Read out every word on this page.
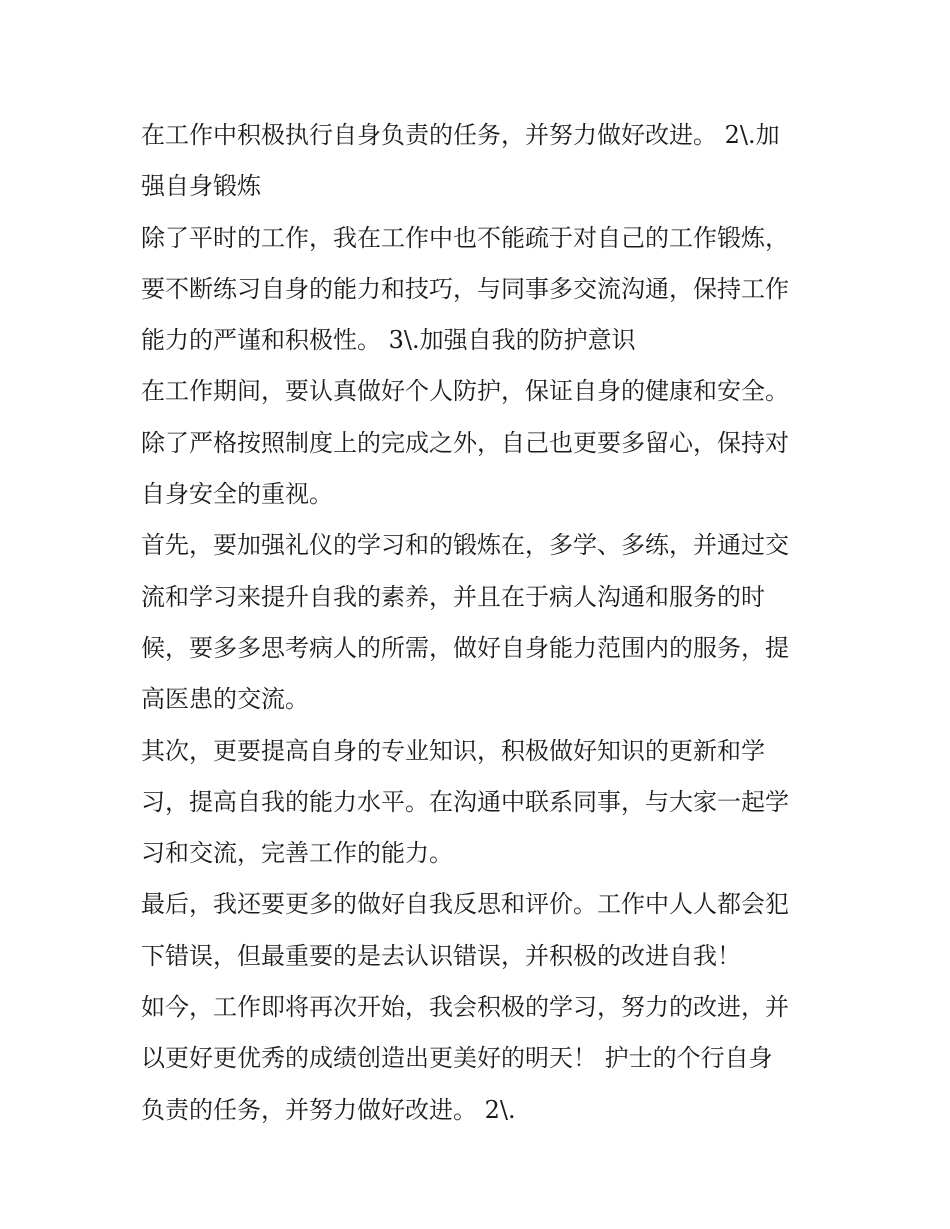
在工作中积极执行自身负责的任务，并努力做好改进。 2\.加
强自身锻炼
除了平时的工作，我在工作中也不能疏于对自己的工作锻炼，
要不断练习自身的能力和技巧，与同事多交流沟通，保持工作
能力的严谨和积极性。 3\.加强自我的防护意识
在工作期间，要认真做好个人防护，保证自身的健康和安全。
除了严格按照制度上的完成之外，自己也更要多留心，保持对
自身安全的重视。
首先，要加强礼仪的学习和的锻炼在，多学、多练，并通过交
流和学习来提升自我的素养，并且在于病人沟通和服务的时
候，要多多思考病人的所需，做好自身能力范围内的服务，提
高医患的交流。
其次，更要提高自身的专业知识，积极做好知识的更新和学
习，提高自我的能力水平。在沟通中联系同事，与大家一起学
习和交流，完善工作的能力。
最后，我还要更多的做好自我反思和评价。工作中人人都会犯
下错误，但最重要的是去认识错误，并积极的改进自我！
如今，工作即将再次开始，我会积极的学习，努力的改进，并
以更好更优秀的成绩创造出更美好的明天！ 护士的个行自身
负责的任务，并努力做好改进。 2\.
